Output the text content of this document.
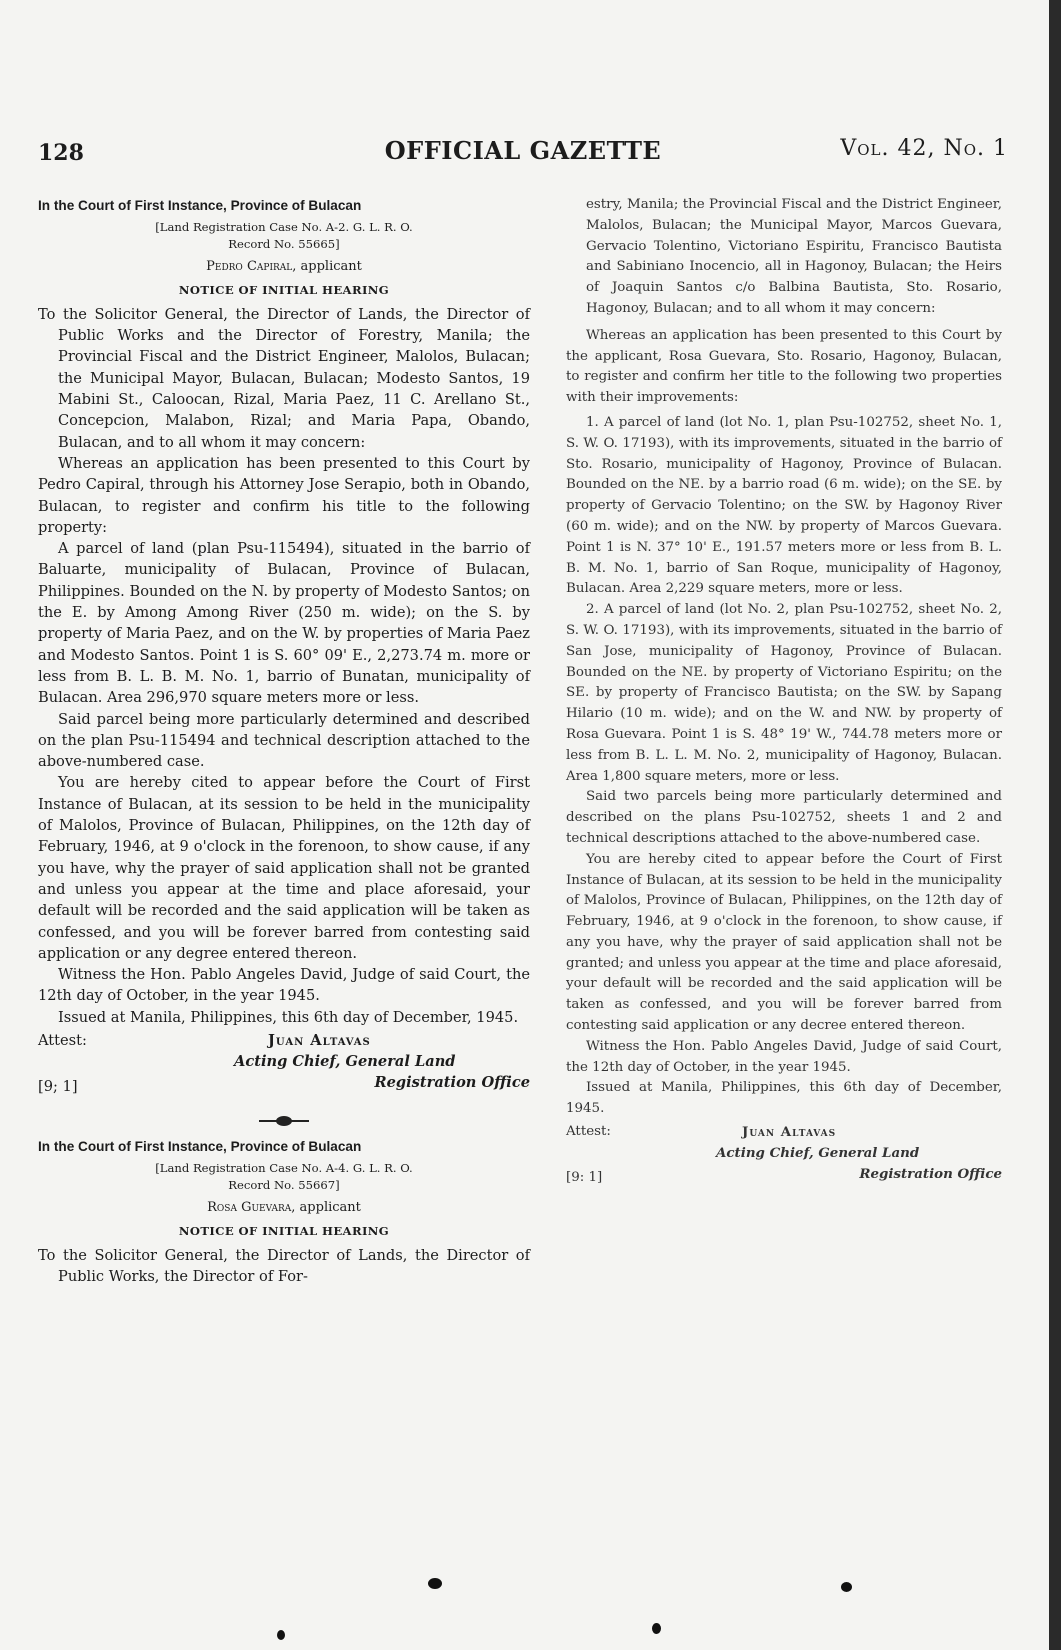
128	OFFICIAL GAZETTE	Vol. 42, No. 1
In the Court of First Instance, Province of Bulacan
[Land Registration Case No. A-2. G. L. R. O.
Record No. 55665]
Pedro Capiral, applicant
NOTICE OF INITIAL HEARING

To the Solicitor General, the Director of Lands, the Director of Public Works and the Director of Forestry, Manila; the Provincial Fiscal and the District Engineer, Malolos, Bulacan; the Municipal Mayor, Bulacan, Bulacan; Modesto Santos, 19 Mabini St., Caloocan, Rizal, Maria Paez, 11 C. Arellano St., Concepcion, Malabon, Rizal; and Maria Papa, Obando, Bulacan, and to all whom it may concern:

Whereas an application has been presented to this Court by Pedro Capiral, through his Attorney Jose Serapio, both in Obando, Bulacan, to register and confirm his title to the following property:

A parcel of land (plan Psu-115494), situated in the barrio of Baluarte, municipality of Bulacan, Province of Bulacan, Philippines. Bounded on the N. by property of Modesto Santos; on the E. by Among Among River (250 m. wide); on the S. by property of Maria Paez, and on the W. by properties of Maria Paez and Modesto Santos. Point 1 is S. 60° 09' E., 2,273.74 m. more or less from B. L. B. M. No. 1, barrio of Bunatan, municipality of Bulacan. Area 296,970 square meters more or less.

Said parcel being more particularly determined and described on the plan Psu-115494 and technical description attached to the above-numbered case.

You are hereby cited to appear before the Court of First Instance of Bulacan, at its session to be held in the municipality of Malolos, Province of Bulacan, Philippines, on the 12th day of February, 1946, at 9 o'clock in the forenoon, to show cause, if any you have, why the prayer of said application shall not be granted and unless you appear at the time and place aforesaid, your default will be recorded and the said application will be taken as confessed, and you will be forever barred from contesting said application or any degree entered thereon.

Witness the Hon. Pablo Angeles David, Judge of said Court, the 12th day of October, in the year 1945.

Issued at Manila, Philippines, this 6th day of December, 1945.

Attest:	Juan Altavas
Acting Chief, General Land
[9; 1]	Registration Office
In the Court of First Instance, Province of Bulacan
[Land Registration Case No. A-4. G. L. R. O.
Record No. 55667]
Rosa Guevara, applicant
NOTICE OF INITIAL HEARING

To the Solicitor General, the Director of Lands, the Director of Public Works, the Director of For-

estry, Manila; the Provincial Fiscal and the District Engineer, Malolos, Bulacan; the Municipal Mayor, Marcos Guevara, Gervacio Tolentino, Victoriano Espiritu, Francisco Bautista and Sabiniano Inocencio, all in Hagonoy, Bulacan; the Heirs of Joaquin Santos c/o Balbina Bautista, Sto. Rosario, Hagonoy, Bulacan; and to all whom it may concern:

Whereas an application has been presented to this Court by the applicant, Rosa Guevara, Sto. Rosario, Hagonoy, Bulacan, to register and confirm her title to the following two properties with their improvements:

1. A parcel of land (lot No. 1, plan Psu-102752, sheet No. 1, S. W. O. 17193), with its improvements, situated in the barrio of Sto. Rosario, municipality of Hagonoy, Province of Bulacan. Bounded on the NE. by a barrio road (6 m. wide); on the SE. by property of Gervacio Tolentino; on the SW. by Hagonoy River (60 m. wide); and on the NW. by property of Marcos Guevara. Point 1 is N. 37° 10' E., 191.57 meters more or less from B. L. B. M. No. 1, barrio of San Roque, municipality of Hagonoy, Bulacan. Area 2,229 square meters, more or less.

2. A parcel of land (lot No. 2, plan Psu-102752, sheet No. 2, S. W. O. 17193), with its improvements, situated in the barrio of San Jose, municipality of Hagonoy, Province of Bulacan. Bounded on the NE. by property of Victoriano Espiritu; on the SE. by property of Francisco Bautista; on the SW. by Sapang Hilario (10 m. wide); and on the W. and NW. by property of Rosa Guevara. Point 1 is S. 48° 19' W., 744.78 meters more or less from B. L. L. M. No. 2, municipality of Hagonoy, Bulacan. Area 1,800 square meters, more or less.

Said two parcels being more particularly determined and described on the plans Psu-102752, sheets 1 and 2 and technical descriptions attached to the above-numbered case.

You are hereby cited to appear before the Court of First Instance of Bulacan, at its session to be held in the municipality of Malolos, Province of Bulacan, Philippines, on the 12th day of February, 1946, at 9 o'clock in the forenoon, to show cause, if any you have, why the prayer of said application shall not be granted; and unless you appear at the time and place aforesaid, your default will be recorded and the said application will be taken as confessed, and you will be forever barred from contesting said application or any decree entered thereon.

Witness the Hon. Pablo Angeles David, Judge of said Court, the 12th day of October, in the year 1945.

Issued at Manila, Philippines, this 6th day of December, 1945.

Attest:	Juan Altavas
Acting Chief, General Land
[9: 1]	Registration Office
